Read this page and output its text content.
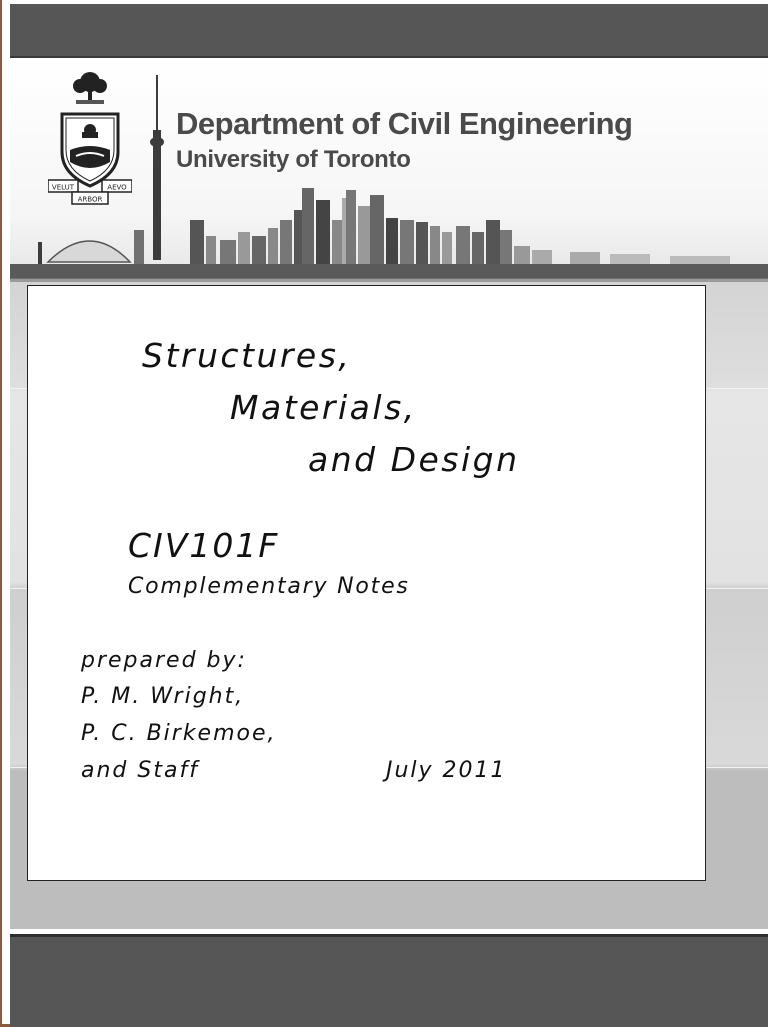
VELUT	AEVO
ARBOR
Department of Civil Engineering
University of Toronto
Structures,
Materials,
and Design
CIV101F
Complementary Notes
prepared by:
P. M. Wright,
P. C. Birkemoe,
and Staff	July 2011
